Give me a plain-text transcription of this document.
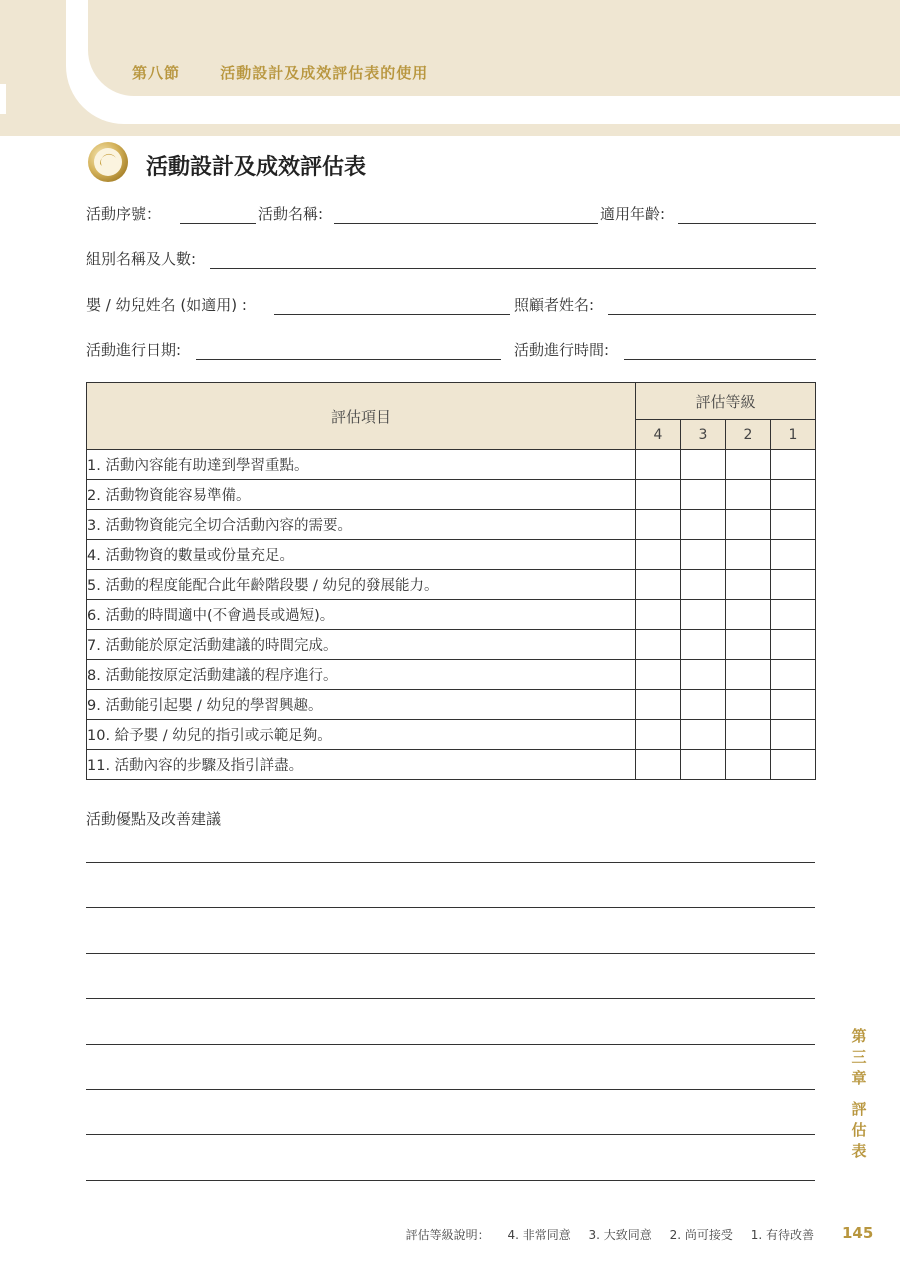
第八節	活動設計及成效評估表的使用
活動設計及成效評估表
活動序號：	活動名稱:	適用年齡:
組別名稱及人數:
嬰 / 幼兒姓名 (如適用) :	照顧者姓名:
活動進行日期:	活動進行時間:
評估項目	評估等級			
	4	3	2	1
1. 活動內容能有助達到學習重點。				
2. 活動物資能容易準備。				
3. 活動物資能完全切合活動內容的需要。				
4. 活動物資的數量或份量充足。				
5. 活動的程度能配合此年齡階段嬰 / 幼兒的發展能力。				
6. 活動的時間適中(不會過長或過短)。				
7. 活動能於原定活動建議的時間完成。				
8. 活動能按原定活動建議的程序進行。				
9. 活動能引起嬰 / 幼兒的學習興趣。				
10. 給予嬰 / 幼兒的指引或示範足夠。				
11. 活動內容的步驟及指引詳盡。				
活動優點及改善建議
第
三
章
評
估
表
評估等級說明： 4. 非常同意 3. 大致同意 2. 尚可接受 1. 有待改善 145
